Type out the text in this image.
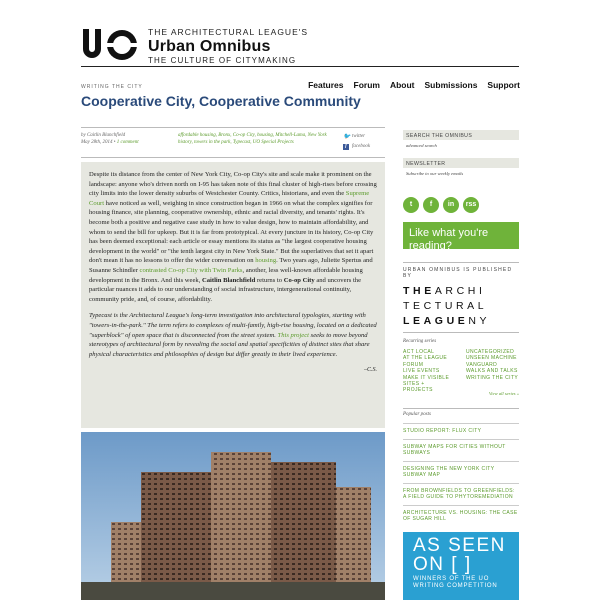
THE ARCHITECTURAL LEAGUE'S
Urban Omnibus
THE CULTURE OF CITYMAKING
Features Forum About Submissions Support
WRITING THE CITY
Cooperative City, Cooperative Community
by Caitlin Blanchfield
May 28th, 2014 • 1 comment
affordable housing, Bronx, Co-op City, housing, Mitchell-Lama, New York history, towers in the park, Typecast, UO Special Projects
🐦 twitter
f	facebook

Despite its distance from the center of New York City, Co-op City's site and scale make it prominent on the landscape: anyone who's driven north on I-95 has taken note of this final cluster of high-rises before crossing city limits into the lower density suburbs of Westchester County. Critics, historians, and even the Supreme Court have noticed as well, weighing in since construction began in 1966 on what the complex signifies for housing finance, site planning, cooperative ownership, ethnic and racial diversity, and tenants' rights. It's become both a positive and negative case study in how to value design, how to maintain affordability, and whom to send the bill for upkeep. But it is far from prototypical. At every juncture in its history, Co-op City has been deemed exceptional: each article or essay mentions its status as "the largest cooperative housing development in the world" or "the tenth largest city in New York State." But the superlatives that set it apart don't mean it has no lessons to offer the wider conversation on housing. Two years ago, Juliette Spertus and Susanne Schindler contrasted Co-op City with Twin Parks, another, less well-known affordable housing development in the Bronx. And this week, Caitlin Blanchfield returns to Co-op City and uncovers the particular nuances it adds to our understanding of social infrastructure, intergenerational continuity, community pride, and, of course, affordability.

Typecast is the Architectural League's long-term investigation into architectural typologies, starting with "towers-in-the-park." The term refers to complexes of multi-family, high-rise housing, located on a dedicated "superblock" of open space that is disconnected from the street system. This project seeks to move beyond stereotypes of architectural form by revealing the social and spatial specificities of distinct sites that share physical characteristics and philosophies of design but differ greatly in their lived experience.

–C.S.
SEARCH THE OMNIBUS
advanced search
NEWSLETTER
Subscribe to our weekly emails
t	f	in	rss
Like what you're reading?
HELP SUPPORT URBAN OMNIBUS
URBAN OMNIBUS IS PUBLISHED BY
THEARCHI
TECTURAL
LEAGUENY
Recurring series
ACT LOCAL
AT THE LEAGUE
FORUM
LIVE EVENTS
MAKE IT VISIBLE
SITES + PROJECTS
UNCATEGORIZED
UNSEEN MACHINE
VANGUARD
WALKS AND TALKS
WRITING THE CITY
View all series »
Popular posts
STUDIO REPORT: FLUX CITY
SUBWAY MAPS FOR CITIES WITHOUT SUBWAYS
DESIGNING THE NEW YORK CITY SUBWAY MAP
FROM BROWNFIELDS TO GREENFIELDS: A FIELD GUIDE TO PHYTOREMEDIATION
ARCHITECTURE VS. HOUSING: THE CASE OF SUGAR HILL
AS SEEN
ON [ ]
WINNERS OF THE UO WRITING COMPETITION
